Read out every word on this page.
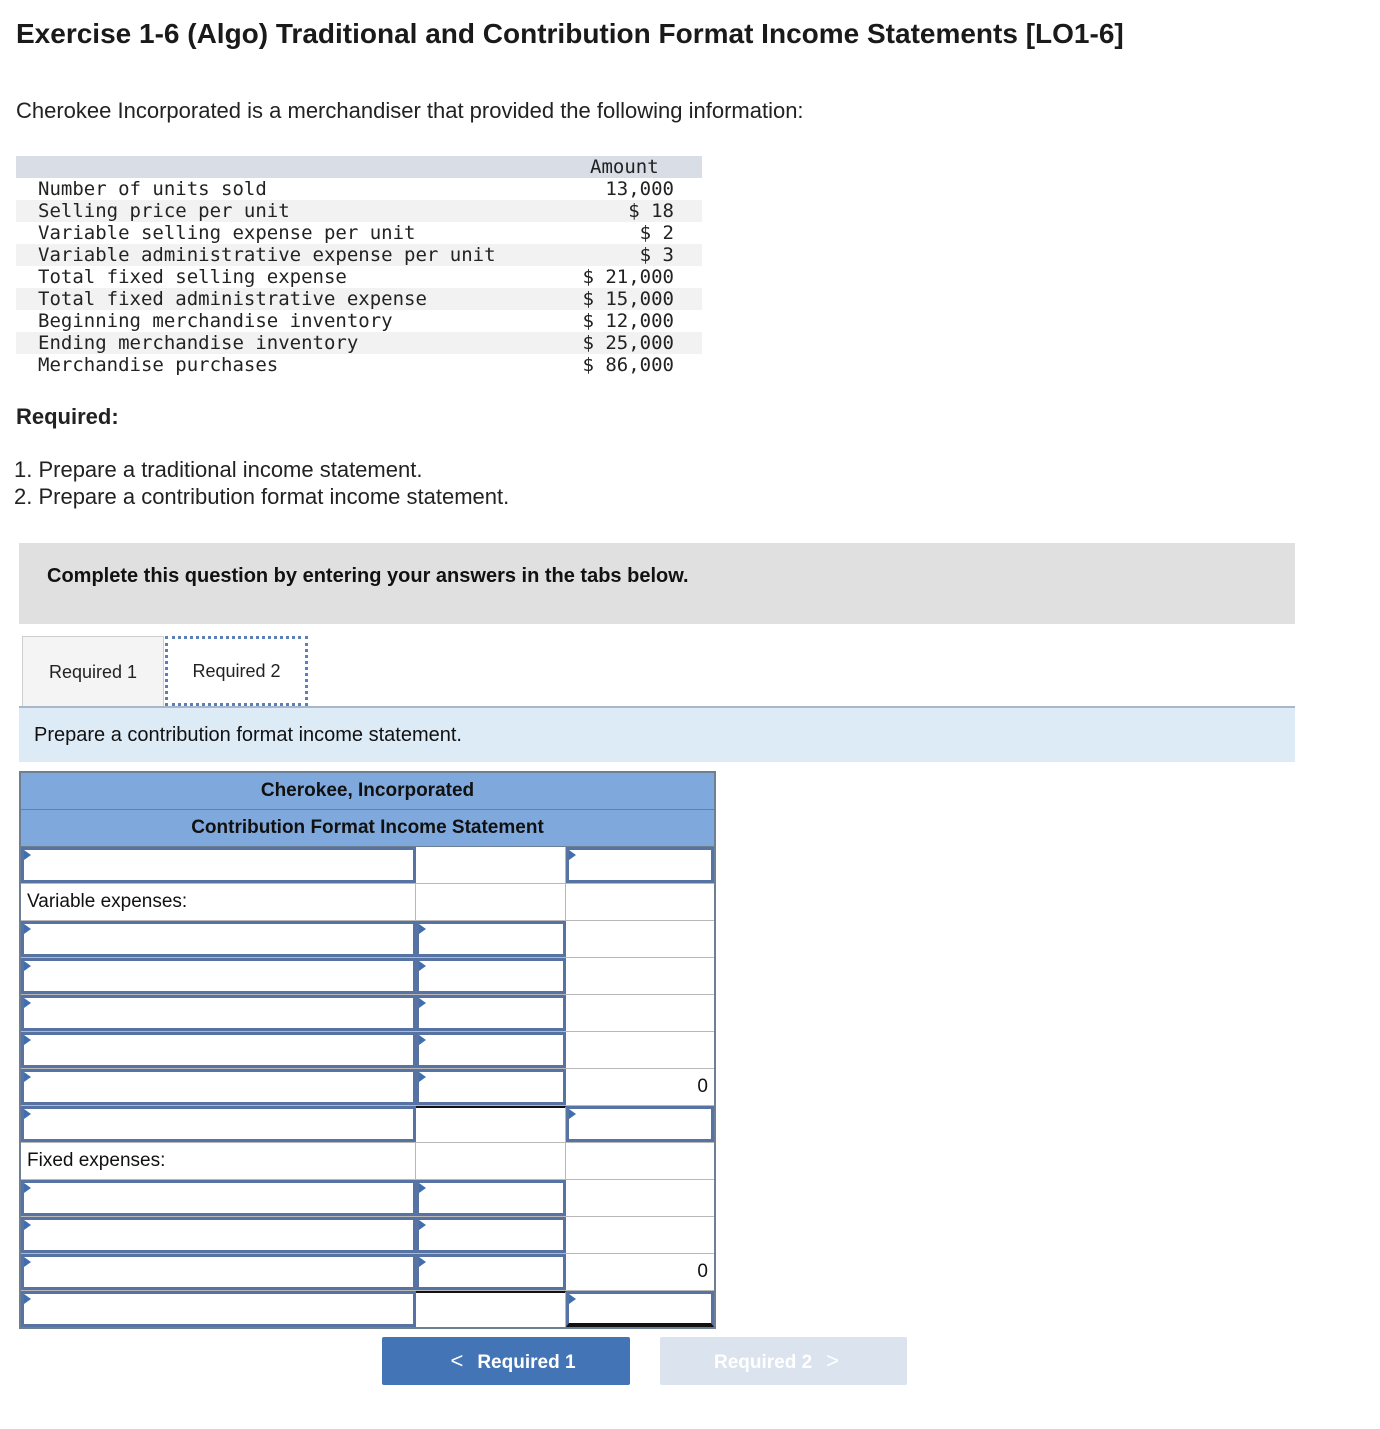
Exercise 1-6 (Algo) Traditional and Contribution Format Income Statements [LO1-6]
Cherokee Incorporated is a merchandiser that provided the following information:
Amount
Number of units sold	13,000
Selling price per unit	$ 18
Variable selling expense per unit	$ 2
Variable administrative expense per unit	$ 3
Total fixed selling expense	$ 21,000
Total fixed administrative expense	$ 15,000
Beginning merchandise inventory	$ 12,000
Ending merchandise inventory	$ 25,000
Merchandise purchases	$ 86,000
Required:
1. Prepare a traditional income statement.
2. Prepare a contribution format income statement.
Complete this question by entering your answers in the tabs below.
Required 1	Required 2
Prepare a contribution format income statement.
Cherokee, Incorporated
Contribution Format Income Statement
Variable expenses:
0
Fixed expenses:
0
< Required 1	Required 2 >
